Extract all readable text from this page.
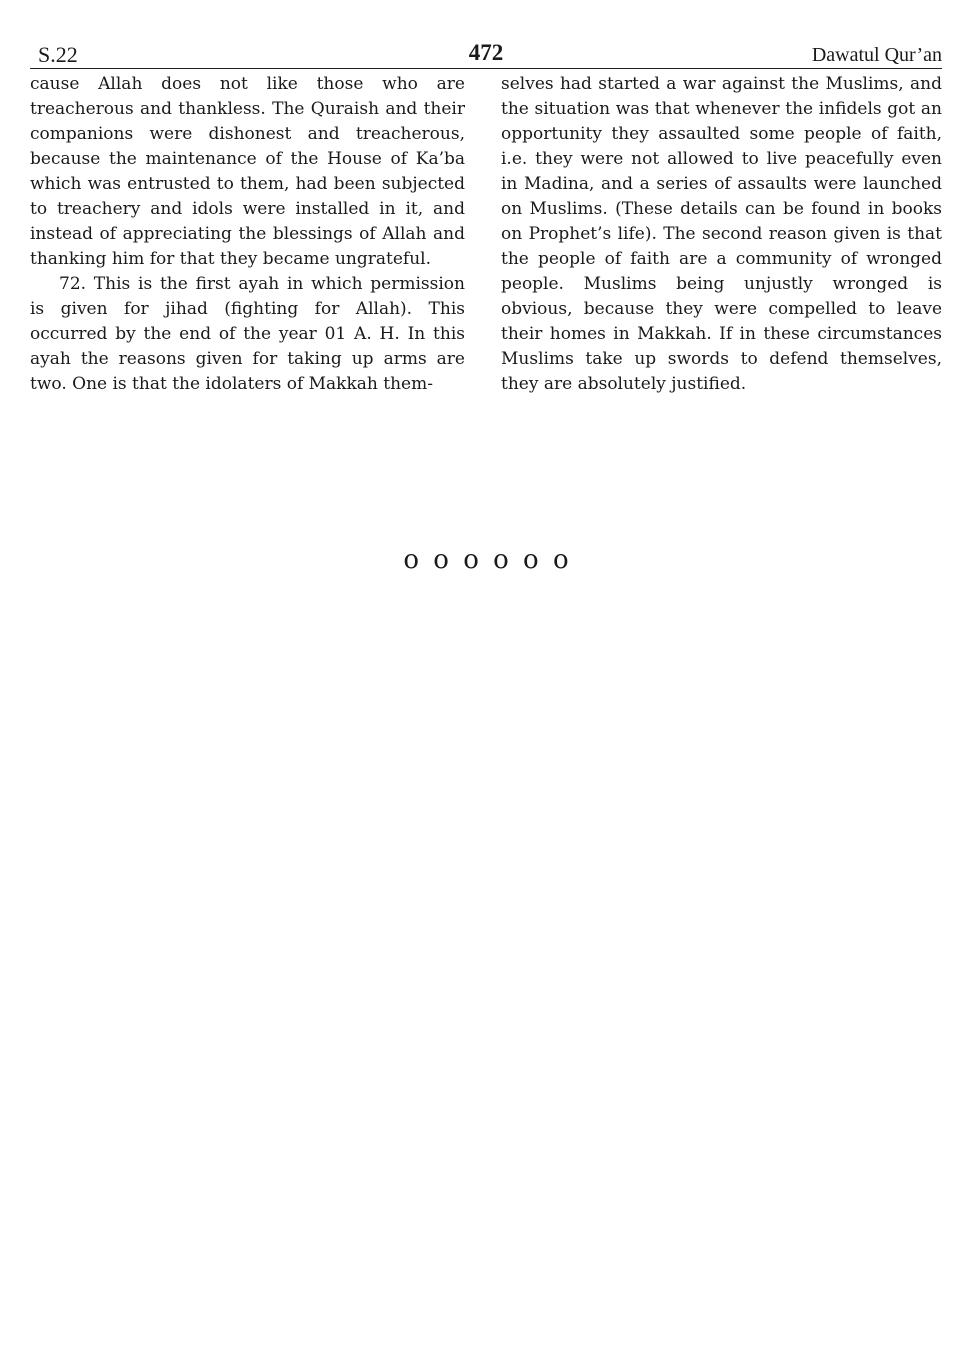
S.22	472	Dawatul Qur’an

cause Allah does not like those who are treacherous and thankless. The Quraish and their companions were dishonest and treacherous, because the maintenance of the House of Ka’ba which was entrusted to them, had been subjected to treachery and idols were installed in it, and instead of appreciating the blessings of Allah and thanking him for that they became ungrateful.

72. This is the first ayah in which permission is given for jihad (fighting for Allah). This occurred by the end of the year 01 A. H. In this ayah the reasons given for taking up arms are two. One is that the idolaters of Makkah them-

selves had started a war against the Muslims, and the situation was that whenever the infidels got an opportunity they assaulted some people of faith, i.e. they were not allowed to live peacefully even in Madina, and a series of assaults were launched on Muslims. (These details can be found in books on Prophet’s life). The second reason given is that the people of faith are a community of wronged people. Muslims being unjustly wronged is obvious, because they were compelled to leave their homes in Makkah. If in these circumstances Muslims take up swords to defend themselves, they are absolutely justified.

o o o o o o
